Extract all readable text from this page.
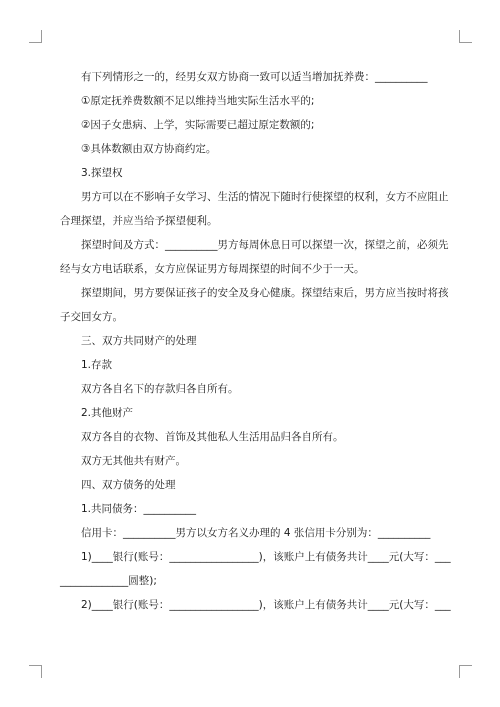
有下列情形之一的，经男女双方协商一致可以适当增加抚养费：__________
①原定抚养费数额不足以维持当地实际生活水平的;
②因子女患病、上学，实际需要已超过原定数额的;
③具体数额由双方协商约定。
3.探望权
男方可以在不影响子女学习、生活的情况下随时行使探望的权利，女方不应阻止
合理探望，并应当给予探望便利。
探望时间及方式：__________男方每周休息日可以探望一次，探望之前，必须先
经与女方电话联系，女方应保证男方每周探望的时间不少于一天。
探望期间，男方要保证孩子的安全及身心健康。探望结束后，男方应当按时将孩
子交回女方。
三、双方共同财产的处理
1.存款
双方各自名下的存款归各自所有。
2.其他财产
双方各自的衣物、首饰及其他私人生活用品归各自所有。
双方无其他共有财产。
四、双方债务的处理
1.共同债务：__________
信用卡：__________男方以女方名义办理的 4 张信用卡分别为：__________
1)____银行(账号：_________________)，该账户上有债务共计____元(大写：___
_____________圆整);
2)____银行(账号：_________________)，该账户上有债务共计____元(大写：___
